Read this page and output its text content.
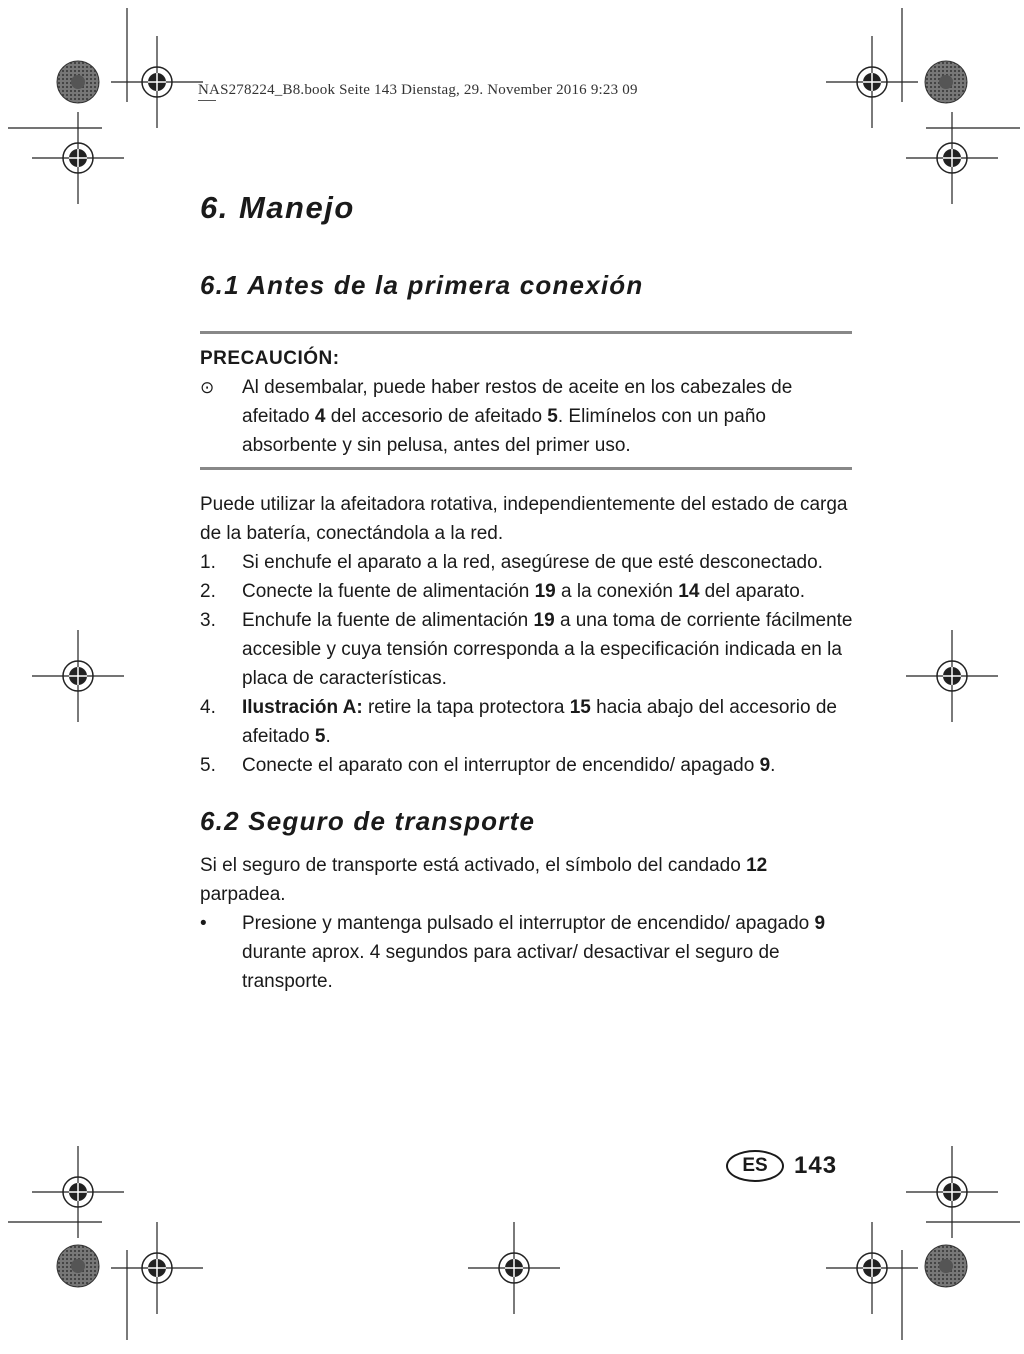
NAS278224_B8.book Seite 143 Dienstag, 29. November 2016 9:23 09
6. Manejo
6.1 Antes de la primera conexión
PRECAUCIÓN:
⊙ Al desembalar, puede haber restos de aceite en los cabezales de afeitado 4 del accesorio de afeitado 5. Elimínelos con un paño absorbente y sin pelusa, antes del primer uso.

Puede utilizar la afeitadora rotativa, independientemente del estado de carga de la batería, conectándola a la red.

1. Si enchufe el aparato a la red, asegúrese de que esté desconectado.
2. Conecte la fuente de alimentación 19 a la conexión 14 del aparato.
3. Enchufe la fuente de alimentación 19 a una toma de corriente fácilmente accesible y cuya tensión corresponda a la especificación indicada en la placa de características.
4. Ilustración A: retire la tapa protectora 15 hacia abajo del accesorio de afeitado 5.
5. Conecte el aparato con el interruptor de encendido/ apagado 9.
6.2 Seguro de transporte

Si el seguro de transporte está activado, el símbolo del candado 12 parpadea.

• Presione y mantenga pulsado el interruptor de encendido/ apagado 9 durante aprox. 4 segundos para activar/ desactivar el seguro de transporte.
ES	143
